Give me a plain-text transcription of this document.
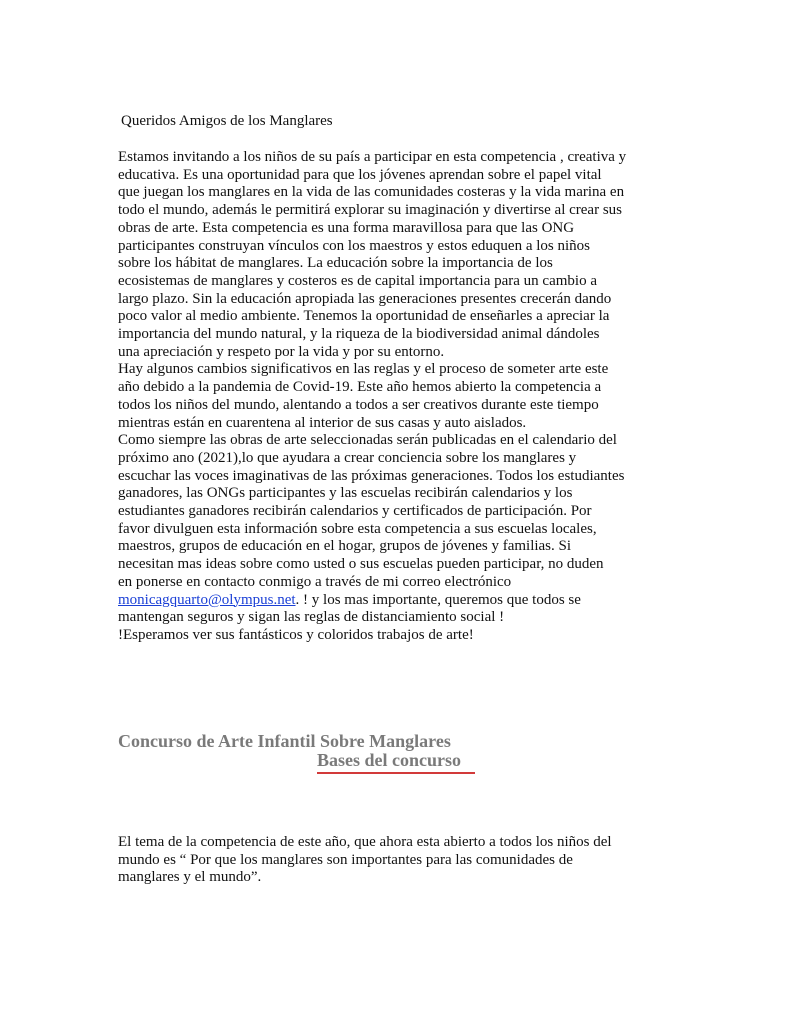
Queridos Amigos de los Manglares
Estamos invitando a los niños de su país a participar en esta competencia , creativa y
educativa. Es una oportunidad para que los jóvenes aprendan sobre el papel vital
que juegan los manglares en la vida de las comunidades costeras y la vida marina en
todo el mundo, además le permitirá explorar su imaginación y divertirse al crear sus
obras de arte. Esta competencia es una forma maravillosa para que las ONG
participantes construyan vínculos con los maestros y estos eduquen a los niños
sobre los hábitat de manglares. La educación sobre la importancia de los
ecosistemas de manglares y costeros es de capital importancia para un cambio a
largo plazo. Sin la educación apropiada las generaciones presentes crecerán dando
poco valor al medio ambiente. Tenemos la oportunidad de enseñarles a apreciar la
importancia del mundo natural, y la riqueza de la biodiversidad animal dándoles
una apreciación y respeto por la vida y por su entorno.
Hay algunos cambios significativos en las reglas y el proceso de someter arte este
año debido a la pandemia de Covid-19. Este año hemos abierto la competencia a
todos los niños del mundo, alentando a todos a ser creativos durante este tiempo
mientras están en cuarentena al interior de sus casas y auto aislados.
Como siempre las obras de arte seleccionadas serán publicadas en el calendario del
próximo ano (2021),lo que ayudara a crear conciencia sobre los manglares y
escuchar las voces imaginativas de las próximas generaciones. Todos los estudiantes
ganadores, las ONGs participantes y las escuelas recibirán calendarios y los
estudiantes ganadores recibirán calendarios y certificados de participación. Por
favor divulguen esta información sobre esta competencia a sus escuelas locales,
maestros, grupos de educación en el hogar, grupos de jóvenes y familias. Si
necesitan mas ideas sobre como usted o sus escuelas pueden participar, no duden
en ponerse en contacto conmigo a través de mi correo electrónico
monicagquarto@olympus.net. ! y los mas importante, queremos que todos se
mantengan seguros y sigan las reglas de distanciamiento social !
!Esperamos ver sus fantásticos y coloridos trabajos de arte!
Concurso de Arte Infantil Sobre Manglares
Bases del concurso
El tema de la competencia de este año, que ahora esta abierto a todos los niños del
mundo es “ Por que los manglares son importantes para las comunidades de
manglares y el mundo”.
